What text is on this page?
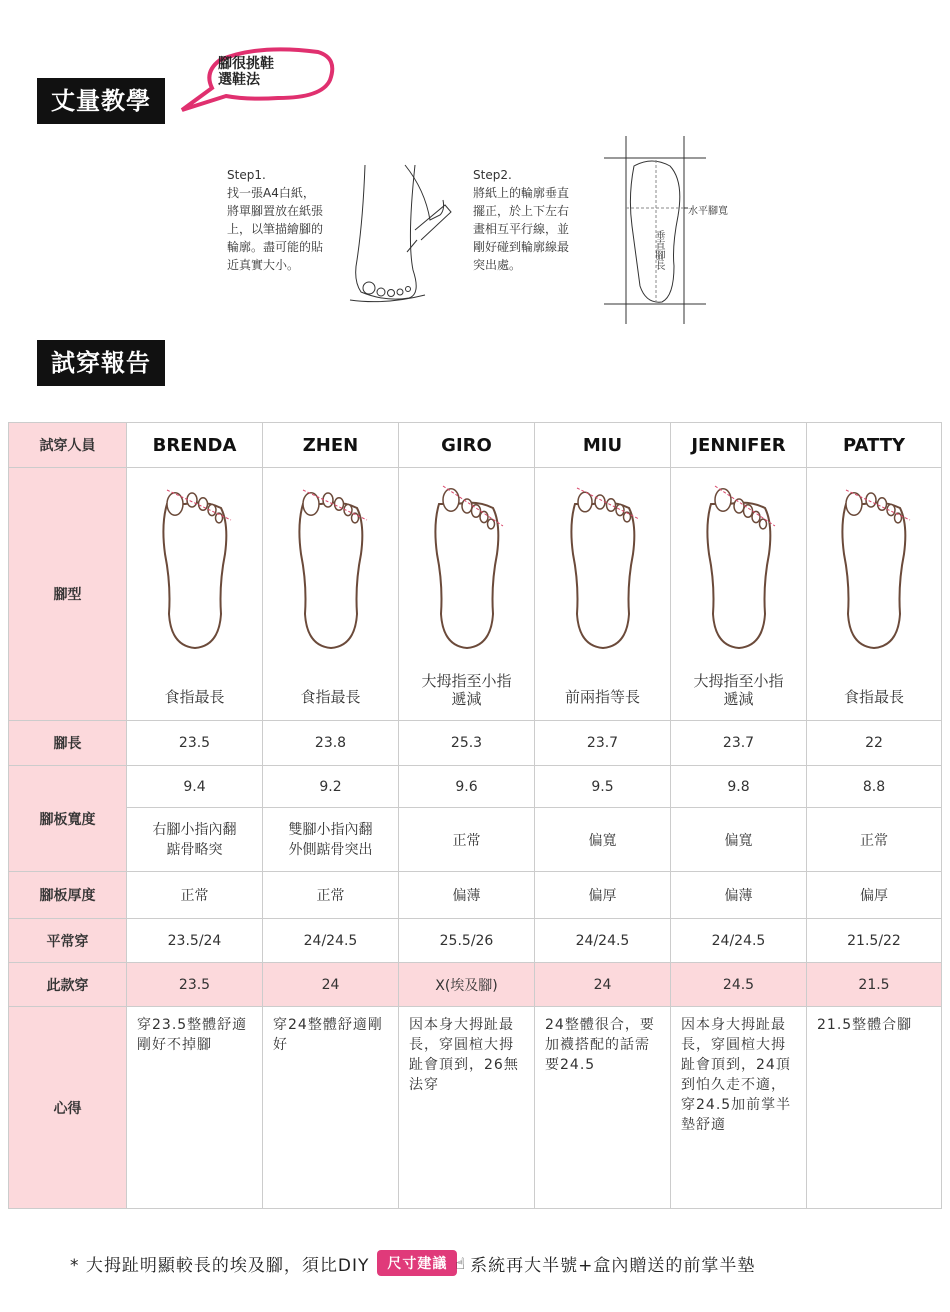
丈量教學
腳很挑鞋
選鞋法
Step1.
找一張A4白紙，
將單腳置放在紙張
上，以筆描繪腳的
輪廓。盡可能的貼
近真實大小。
Step2.
將紙上的輪廓垂直
擺正，於上下左右
畫相互平行線，並
剛好碰到輪廓線最
突出處。
水平腳寬
垂直腳長
試穿報告
試穿人員	BRENDA	ZHEN	GIRO	MIU	JENNIFER	PATTY
腳型	食指最長	食指最長	大拇指至小指
遞減	前兩指等長	大拇指至小指
遞減	食指最長

腳長	23.5	23.8	25.3	23.7	23.7	22
腳板寬度	9.4	9.2	9.6	9.5	9.8	8.8
	右腳小指內翻
踮骨略突	雙腳小指內翻
外側踮骨突出	正常	偏寬	偏寬	正常
腳板厚度	正常	正常	偏薄	偏厚	偏薄	偏厚
平常穿	23.5/24	24/24.5	25.5/26	24/24.5	24/24.5	21.5/22
此款穿	23.5	24	X(埃及腳)	24	24.5	21.5
心得	穿23.5整體舒適剛好不掉腳	穿24整體舒適剛好	因本身大拇趾最長，穿圓楦大拇趾會頂到，26無法穿	24整體很合，要加襪搭配的話需要24.5	因本身大拇趾最長，穿圓楦大拇趾會頂到，24頂到怕久走不適，穿24.5加前掌半墊舒適	21.5整體合腳
* 大拇趾明顯較長的埃及腳，須比DIY	尺寸建議 ☝ 系統再大半號+盒內贈送的前掌半墊
